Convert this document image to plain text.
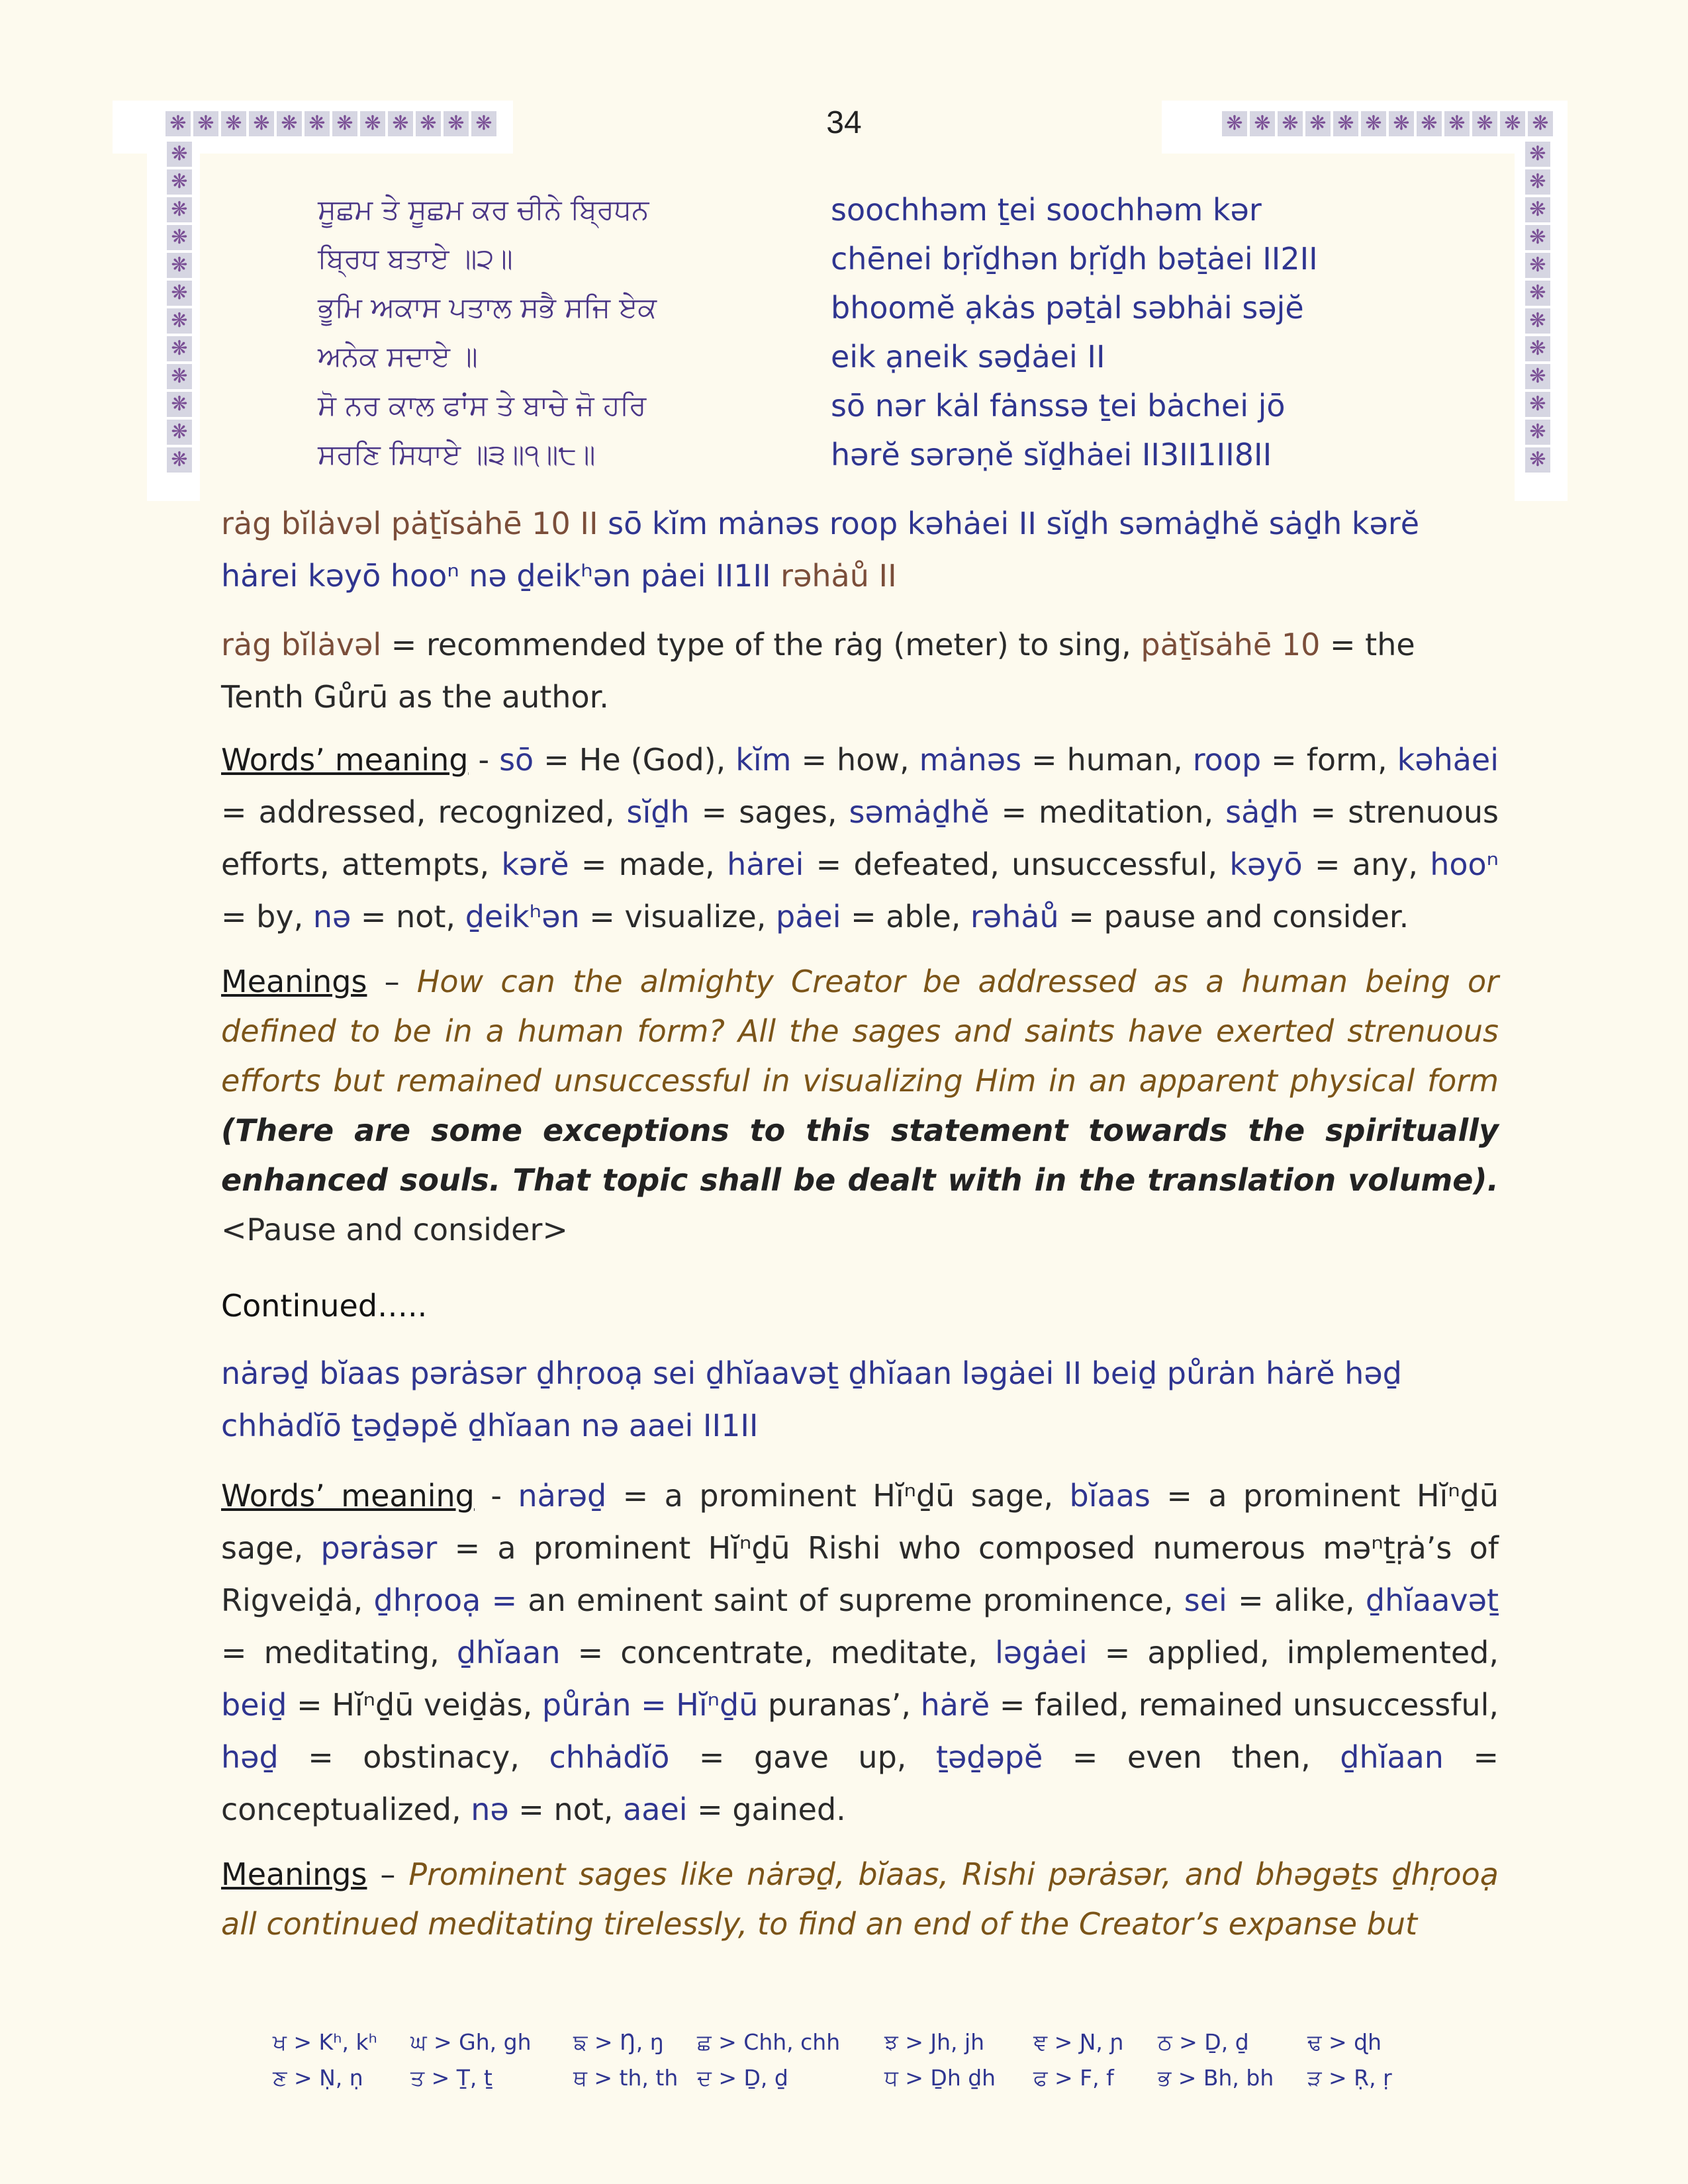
❋ ❋ ❋ ❋ ❋ ❋ ❋ ❋ ❋ ❋ ❋ ❋
❋
❋
❋
❋
❋
❋
❋
❋
❋
❋
❋
❋
❋ ❋ ❋ ❋ ❋ ❋ ❋ ❋ ❋ ❋ ❋ ❋
❋
❋
❋
❋
❋
❋
❋
❋
❋
❋
❋
❋
34
ਸੂਛਮ ਤੇ ਸੂਛਮ ਕਰ ਚੀਨੇ ਬ੍ਰਿਧਨ
ਬ੍ਰਿਧ ਬਤਾਏ ॥੨॥
ਭੂਮਿ ਅਕਾਸ ਪਤਾਲ ਸਭੈ ਸਜਿ ਏਕ
ਅਨੇਕ ਸਦਾਏ ॥
ਸੋ ਨਰ ਕਾਲ ਫਾਂਸ ਤੇ ਬਾਚੇ ਜੋ ਹਰਿ
ਸਰਣਿ ਸਿਧਾਏ ॥੩॥੧॥੮॥
soochhəm ṯei soochhəm kər
chēnei bṛĭḏhən bṛĭḏh bəṯȧei II2II
bhoomĕ ạkȧs pəṯȧl səbhȧi səjĕ
eik ạneik səḏȧei II
sō nər kȧl fȧnssə ṯei bȧchei jō
hərĕ sərəṇĕ sĭḏhȧei II3II1II8II
rȧg bĭlȧvəl pȧṯĭsȧhē 10 II sō kĭm mȧnəs roop kəhȧei II sĭḏh səmȧḏhĕ sȧḏh kərĕ
hȧrei kəyō hooⁿ nə ḏeikʰən pȧei II1II rəhȧů II
rȧg bĭlȧvəl = recommended type of the rȧg (meter) to sing, pȧṯĭsȧhē 10 = the Tenth Gůrū as the author.
Words’ meaning - sō = He (God), kĭm = how, mȧnəs = human, roop = form, kəhȧei = addressed, recognized, sĭḏh = sages, səmȧḏhĕ = meditation, sȧḏh = strenuous efforts, attempts, kərĕ = made, hȧrei = defeated, unsuccessful, kəyō = any, hooⁿ = by, nə = not, ḏeikʰən = visualize, pȧei = able, rəhȧů = pause and consider.
Meanings – How can the almighty Creator be addressed as a human being or defined to be in a human form? All the sages and saints have exerted strenuous efforts but remained unsuccessful in visualizing Him in an apparent physical form (There are some exceptions to this statement towards the spiritually enhanced souls. That topic shall be dealt with in the translation volume). <Pause and consider>
Continued…..
nȧrəḏ bĭaas pərȧsər ḏhṛooạ sei ḏhĭaavəṯ ḏhĭaan ləgȧei II beiḏ půrȧn hȧrĕ həḏ
chhȧdĭō ṯəḏəpĕ ḏhĭaan nə aaei II1II
Words’ meaning - nȧrəḏ = a prominent Hĭⁿḏū sage, bĭaas = a prominent Hĭⁿḏū sage, pərȧsər = a prominent Hĭⁿḏū Rishi who composed numerous məⁿṯṛȧ’s of Rigveiḏȧ, ḏhṛooạ = an eminent saint of supreme prominence, sei = alike, ḏhĭaavəṯ = meditating, ḏhĭaan = concentrate, meditate, ləgȧei = applied, implemented, beiḏ = Hĭⁿḏū veiḏȧs, půrȧn = Hĭⁿḏū puranas’, hȧrĕ = failed, remained unsuccessful, həḏ = obstinacy, chhȧdĭō = gave up, ṯəḏəpĕ = even then, ḏhĭaan = conceptualized, nə = not, aaei = gained.
Meanings – Prominent sages like nȧrəḏ, bĭaas, Rishi pərȧsər, and bhəgəṯs ḏhṛooạ all continued meditating tirelessly, to find an end of the Creator’s expanse but
ਖ > Kʰ, kʰ ਘ > Gh, gh ਙ > Ŋ, ŋ ਛ > Chh, chh ਝ > Jh, jh ਞ > Ɲ, ɲ ਠ > Ḏ, ḏ	ਢ > ɖh
ਣ > Ṇ, ṇ ਤ > Ṯ, ṯ	ਥ > th, th ਦ > Ḏ, ḏ	ਧ > Ḏh ḏh ਫ > F, f ਭ > Bh, bh ੜ > Ṛ, ṛ
